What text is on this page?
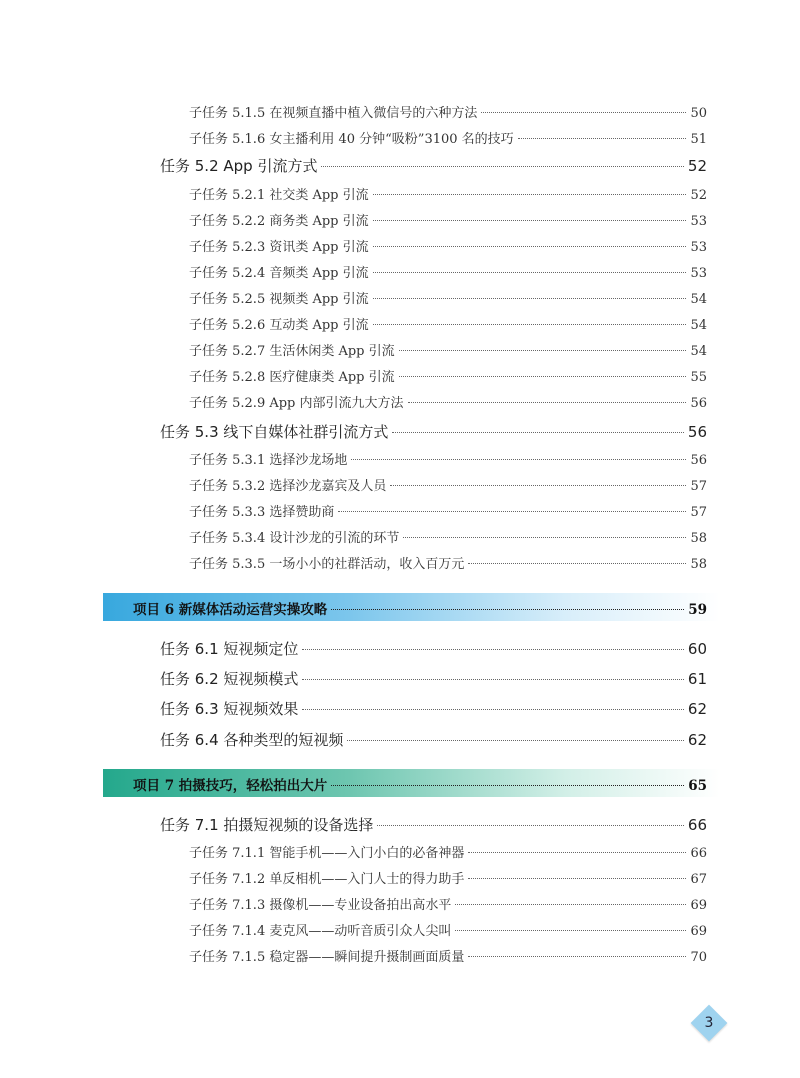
子任务 5.1.5 在视频直播中植入微信号的六种方法	50
子任务 5.1.6 女主播利用 40 分钟“吸粉”3100 名的技巧	51
任务 5.2 App 引流方式	52
子任务 5.2.1 社交类 App 引流	52
子任务 5.2.2 商务类 App 引流	53
子任务 5.2.3 资讯类 App 引流	53
子任务 5.2.4 音频类 App 引流	53
子任务 5.2.5 视频类 App 引流	54
子任务 5.2.6 互动类 App 引流	54
子任务 5.2.7 生活休闲类 App 引流	54
子任务 5.2.8 医疗健康类 App 引流	55
子任务 5.2.9 App 内部引流九大方法	56
任务 5.3 线下自媒体社群引流方式	56
子任务 5.3.1 选择沙龙场地	56
子任务 5.3.2 选择沙龙嘉宾及人员	57
子任务 5.3.3 选择赞助商	57
子任务 5.3.4 设计沙龙的引流的环节	58
子任务 5.3.5 一场小小的社群活动，收入百万元	58
项目 6 新媒体活动运营实操攻略	59
任务 6.1 短视频定位	60
任务 6.2 短视频模式	61
任务 6.3 短视频效果	62
任务 6.4 各种类型的短视频	62
项目 7 拍摄技巧，轻松拍出大片	65
任务 7.1 拍摄短视频的设备选择	66
子任务 7.1.1 智能手机——入门小白的必备神器	66
子任务 7.1.2 单反相机——入门人士的得力助手	67
子任务 7.1.3 摄像机——专业设备拍出高水平	69
子任务 7.1.4 麦克风——动听音质引众人尖叫	69
子任务 7.1.5 稳定器——瞬间提升摄制画面质量	70
3
